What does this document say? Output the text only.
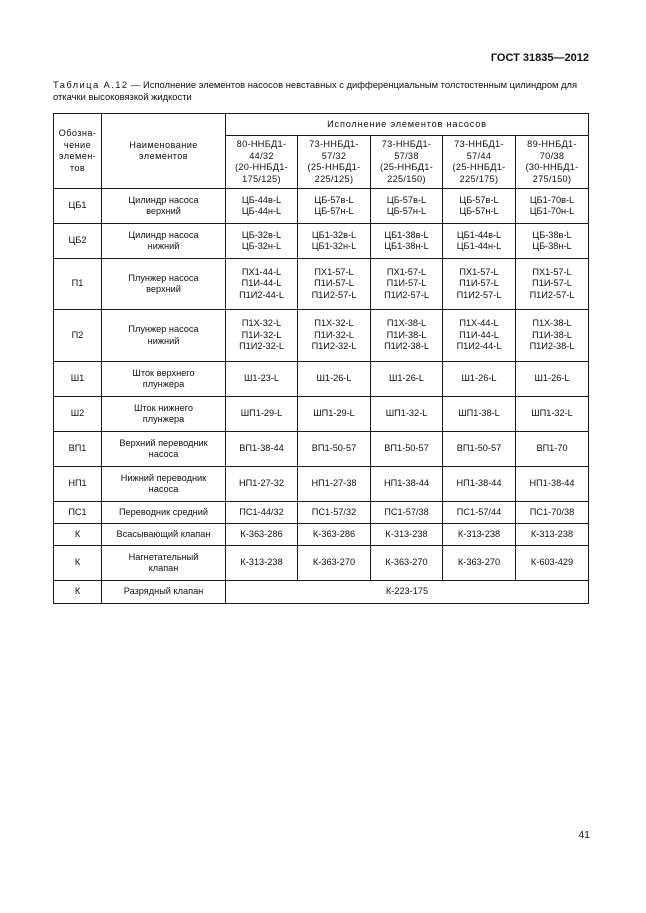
ГОСТ 31835—2012
Таблица А.12 — Исполнение элементов насосов невставных с дифференциальным толстостенным цилиндром для откачки высоковязкой жидкости
Обозна-
чение
элемен-
тов	Наименование
элементов	Исполнение элементов насосов				

		80-ННБД1-
44/32
(20-ННБД1-
175/125)	73-ННБД1-
57/32
(25-ННБД1-
225/125)	73-ННБД1-
57/38
(25-ННБД1-
225/150)	73-ННБД1-
57/44
(25-ННБД1-
225/175)	89-ННБД1-
70/38
(30-ННБД1-
275/150)

ЦБ1	Цилиндр насоса
верхний	ЦБ-44в-L
ЦБ-44н-L	ЦБ-57в-L
ЦБ-57н-L	ЦБ-57в-L
ЦБ-57н-L	ЦБ-57в-L
ЦБ-57н-L	ЦБ1-70в-L
ЦБ1-70н-L

ЦБ2	Цилиндр насоса
нижний	ЦБ-32в-L
ЦБ-32н-L	ЦБ1-32в-L
ЦБ1-32н-L	ЦБ1-38в-L
ЦБ1-38н-L	ЦБ1-44в-L
ЦБ1-44н-L	ЦБ-38в-L
ЦБ-38н-L

П1	Плунжер насоса
верхний	ПХ1-44-L
П1И-44-L
П1И2-44-L	ПХ1-57-L
П1И-57-L
П1И2-57-L	ПХ1-57-L
П1И-57-L
П1И2-57-L	ПХ1-57-L
П1И-57-L
П1И2-57-L	ПХ1-57-L
П1И-57-L
П1И2-57-L

П2	Плунжер насоса
нижний	П1Х-32-L
П1И-32-L
П1И2-32-L	П1Х-32-L
П1И-32-L
П1И2-32-L	П1Х-38-L
П1И-38-L
П1И2-38-L	П1Х-44-L
П1И-44-L
П1И2-44-L	П1Х-38-L
П1И-38-L
П1И2-38-L

Ш1	Шток верхнего
плунжера	Ш1-23-L	Ш1-26-L	Ш1-26-L	Ш1-26-L	Ш1-26-L

Ш2	Шток нижнего
плунжера	ШП1-29-L	ШП1-29-L	ШП1-32-L	ШП1-38-L	ШП1-32-L

ВП1	Верхний переводник
насоса	ВП1-38-44	ВП1-50-57	ВП1-50-57	ВП1-50-57	ВП1-70

НП1	Нижний переводник
насоса	НП1-27-32	НП1-27-38	НП1-38-44	НП1-38-44	НП1-38-44

ПС1	Переводник средний	ПС1-44/32	ПС1-57/32	ПС1-57/38	ПС1-57/44	ПС1-70/38

К	Всасывающий клапан	К-363-286	К-363-286	К-313-238	К-313-238	К-313-238

К	Нагнетательный
клапан	К-313-238	К-363-270	К-363-270	К-363-270	К-603-429

К	Разрядный клапан	К-223-175				
41
